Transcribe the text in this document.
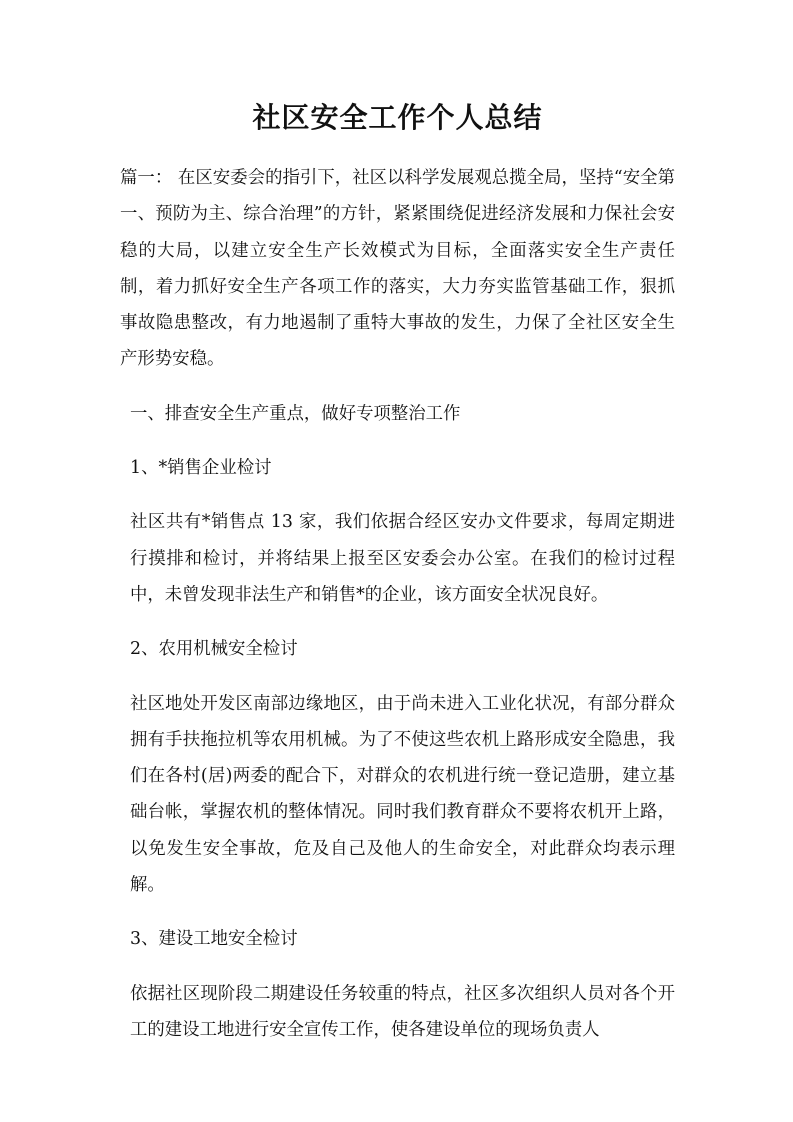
社区安全工作个人总结

篇一： 在区安委会的指引下，社区以科学发展观总揽全局，坚持“安全第一、预防为主、综合治理”的方针，紧紧围绕促进经济发展和力保社会安稳的大局，以建立安全生产长效模式为目标，全面落实安全生产责任制，着力抓好安全生产各项工作的落实，大力夯实监管基础工作，狠抓事故隐患整改，有力地遏制了重特大事故的发生，力保了全社区安全生产形势安稳。

一、排查安全生产重点，做好专项整治工作

1、*销售企业检讨

社区共有*销售点 13 家，我们依据合经区安办文件要求，每周定期进行摸排和检讨，并将结果上报至区安委会办公室。在我们的检讨过程中，未曾发现非法生产和销售*的企业，该方面安全状况良好。

2、农用机械安全检讨

社区地处开发区南部边缘地区，由于尚未进入工业化状况，有部分群众拥有手扶拖拉机等农用机械。为了不使这些农机上路形成安全隐患，我们在各村(居)两委的配合下，对群众的农机进行统一登记造册，建立基础台帐，掌握农机的整体情况。同时我们教育群众不要将农机开上路，以免发生安全事故，危及自己及他人的生命安全，对此群众均表示理解。

3、建设工地安全检讨

依据社区现阶段二期建设任务较重的特点，社区多次组织人员对各个开工的建设工地进行安全宣传工作，使各建设单位的现场负责人
